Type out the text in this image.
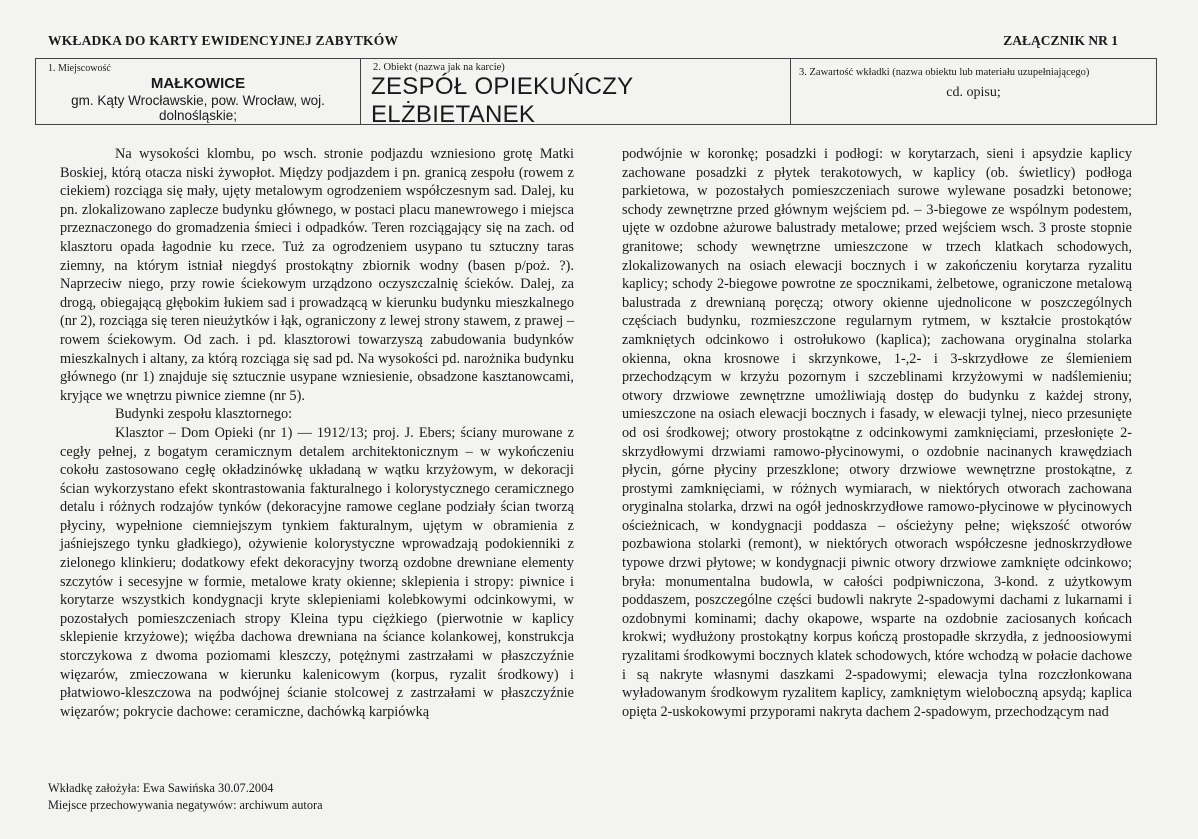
WKŁADKA DO KARTY EWIDENCYJNEJ ZABYTKÓW	ZAŁĄCZNIK NR 1
1. Miejscowość
MAŁKOWICE
gm. Kąty Wrocławskie, pow. Wrocław, woj. dolnośląskie;
2. Obiekt (nazwa jak na karcie)
ZESPÓŁ OPIEKUŃCZY ELŻBIETANEK
3. Zawartość wkładki (nazwa obiektu lub materiału uzupełniającego)
cd. opisu;

Na wysokości klombu, po wsch. stronie podjazdu wzniesiono grotę Matki Boskiej, którą otacza niski żywopłot. Między podjazdem i pn. granicą zespołu (rowem z ciekiem) rozciąga się mały, ujęty metalowym ogrodzeniem współczesnym sad. Dalej, ku pn. zlokalizowano zaplecze budynku głównego, w postaci placu manewrowego i miejsca przeznaczonego do gromadzenia śmieci i odpadków. Teren rozciągający się na zach. od klasztoru opada łagodnie ku rzece. Tuż za ogrodzeniem usypano tu sztuczny taras ziemny, na którym istniał niegdyś prostokątny zbiornik wodny (basen p/poż. ?). Naprzeciw niego, przy rowie ściekowym urządzono oczyszczalnię ścieków. Dalej, za drogą, obiegającą głębokim łukiem sad i prowadzącą w kierunku budynku mieszkalnego (nr 2), rozciąga się teren nieużytków i łąk, ograniczony z lewej strony stawem, z prawej – rowem ściekowym. Od zach. i pd. klasztorowi towarzyszą zabudowania budynków mieszkalnych i altany, za którą rozciąga się sad pd. Na wysokości pd. narożnika budynku głównego (nr 1) znajduje się sztucznie usypane wzniesienie, obsadzone kasztanowcami, kryjące we wnętrzu piwnice ziemne (nr 5).

Budynki zespołu klasztornego:

Klasztor – Dom Opieki (nr 1) — 1912/13; proj. J. Ebers; ściany murowane z cegły pełnej, z bogatym ceramicznym detalem architektonicznym – w wykończeniu cokołu zastosowano cegłę okładzinówkę układaną w wątku krzyżowym, w dekoracji ścian wykorzystano efekt skontrastowania fakturalnego i kolorystycznego ceramicznego detalu i różnych rodzajów tynków (dekoracyjne ramowe ceglane podziały ścian tworzą płyciny, wypełnione ciemniejszym tynkiem fakturalnym, ujętym w obramienia z jaśniejszego tynku gładkiego), ożywienie kolorystyczne wprowadzają podokienniki z zielonego klinkieru; dodatkowy efekt dekoracyjny tworzą ozdobne drewniane elementy szczytów i secesyjne w formie, metalowe kraty okienne; sklepienia i stropy: piwnice i korytarze wszystkich kondygnacji kryte sklepieniami kolebkowymi odcinkowymi, w pozostałych pomieszczeniach stropy Kleina typu ciężkiego (pierwotnie w kaplicy sklepienie krzyżowe); więźba dachowa drewniana na ściance kolankowej, konstrukcja storczykowa z dwoma poziomami kleszczy, potężnymi zastrzałami w płaszczyźnie więzarów, zmieczowana w kierunku kalenicowym (korpus, ryzalit środkowy) i płatwiowo-kleszczowa na podwójnej ścianie stolcowej z zastrzałami w płaszczyźnie więzarów; pokrycie dachowe: ceramiczne, dachówką karpiówką

podwójnie w koronkę; posadzki i podłogi: w korytarzach, sieni i apsydzie kaplicy zachowane posadzki z płytek terakotowych, w kaplicy (ob. świetlicy) podłoga parkietowa, w pozostałych pomieszczeniach surowe wylewane posadzki betonowe; schody zewnętrzne przed głównym wejściem pd. – 3-biegowe ze wspólnym podestem, ujęte w ozdobne ażurowe balustrady metalowe; przed wejściem wsch. 3 proste stopnie granitowe; schody wewnętrzne umieszczone w trzech klatkach schodowych, zlokalizowanych na osiach elewacji bocznych i w zakończeniu korytarza ryzalitu kaplicy; schody 2-biegowe powrotne ze spocznikami, żelbetowe, ograniczone metalową balustrada z drewnianą poręczą; otwory okienne ujednolicone w poszczególnych częściach budynku, rozmieszczone regularnym rytmem, w kształcie prostokątów zamkniętych odcinkowo i ostrołukowo (kaplica); zachowana oryginalna stolarka okienna, okna krosnowe i skrzynkowe, 1-,2- i 3-skrzydłowe ze ślemieniem przechodzącym w krzyżu pozornym i szczeblinami krzyżowymi w nadślemieniu; otwory drzwiowe zewnętrzne umożliwiają dostęp do budynku z każdej strony, umieszczone na osiach elewacji bocznych i fasady, w elewacji tylnej, nieco przesunięte od osi środkowej; otwory prostokątne z odcinkowymi zamknięciami, przesłonięte 2-skrzydłowymi drzwiami ramowo-płycinowymi, o ozdobnie nacinanych krawędziach płycin, górne płyciny przeszklone; otwory drzwiowe wewnętrzne prostokątne, z prostymi zamknięciami, w różnych wymiarach, w niektórych otworach zachowana oryginalna stolarka, drzwi na ogół jednoskrzydłowe ramowo-płycinowe w płycinowych ościeżnicach, w kondygnacji poddasza – ościeżyny pełne; większość otworów pozbawiona stolarki (remont), w niektórych otworach współczesne jednoskrzydłowe typowe drzwi płytowe; w kondygnacji piwnic otwory drzwiowe zamknięte odcinkowo; bryła: monumentalna budowla, w całości podpiwniczona, 3-kond. z użytkowym poddaszem, poszczególne części budowli nakryte 2-spadowymi dachami z lukarnami i ozdobnymi kominami; dachy okapowe, wsparte na ozdobnie zaciosanych końcach krokwi; wydłużony prostokątny korpus kończą prostopadłe skrzydła, z jednoosiowymi ryzalitami środkowymi bocznych klatek schodowych, które wchodzą w połacie dachowe i są nakryte własnymi daszkami 2-spadowymi; elewacja tylna rozczłonkowana wyładowanym środkowym ryzalitem kaplicy, zamkniętym wieloboczną apsydą; kaplica opięta 2-uskokowymi przyporami nakryta dachem 2-spadowym, przechodzącym nad

Wkładkę założyła: Ewa Sawińska 30.07.2004
Miejsce przechowywania negatywów: archiwum autora
